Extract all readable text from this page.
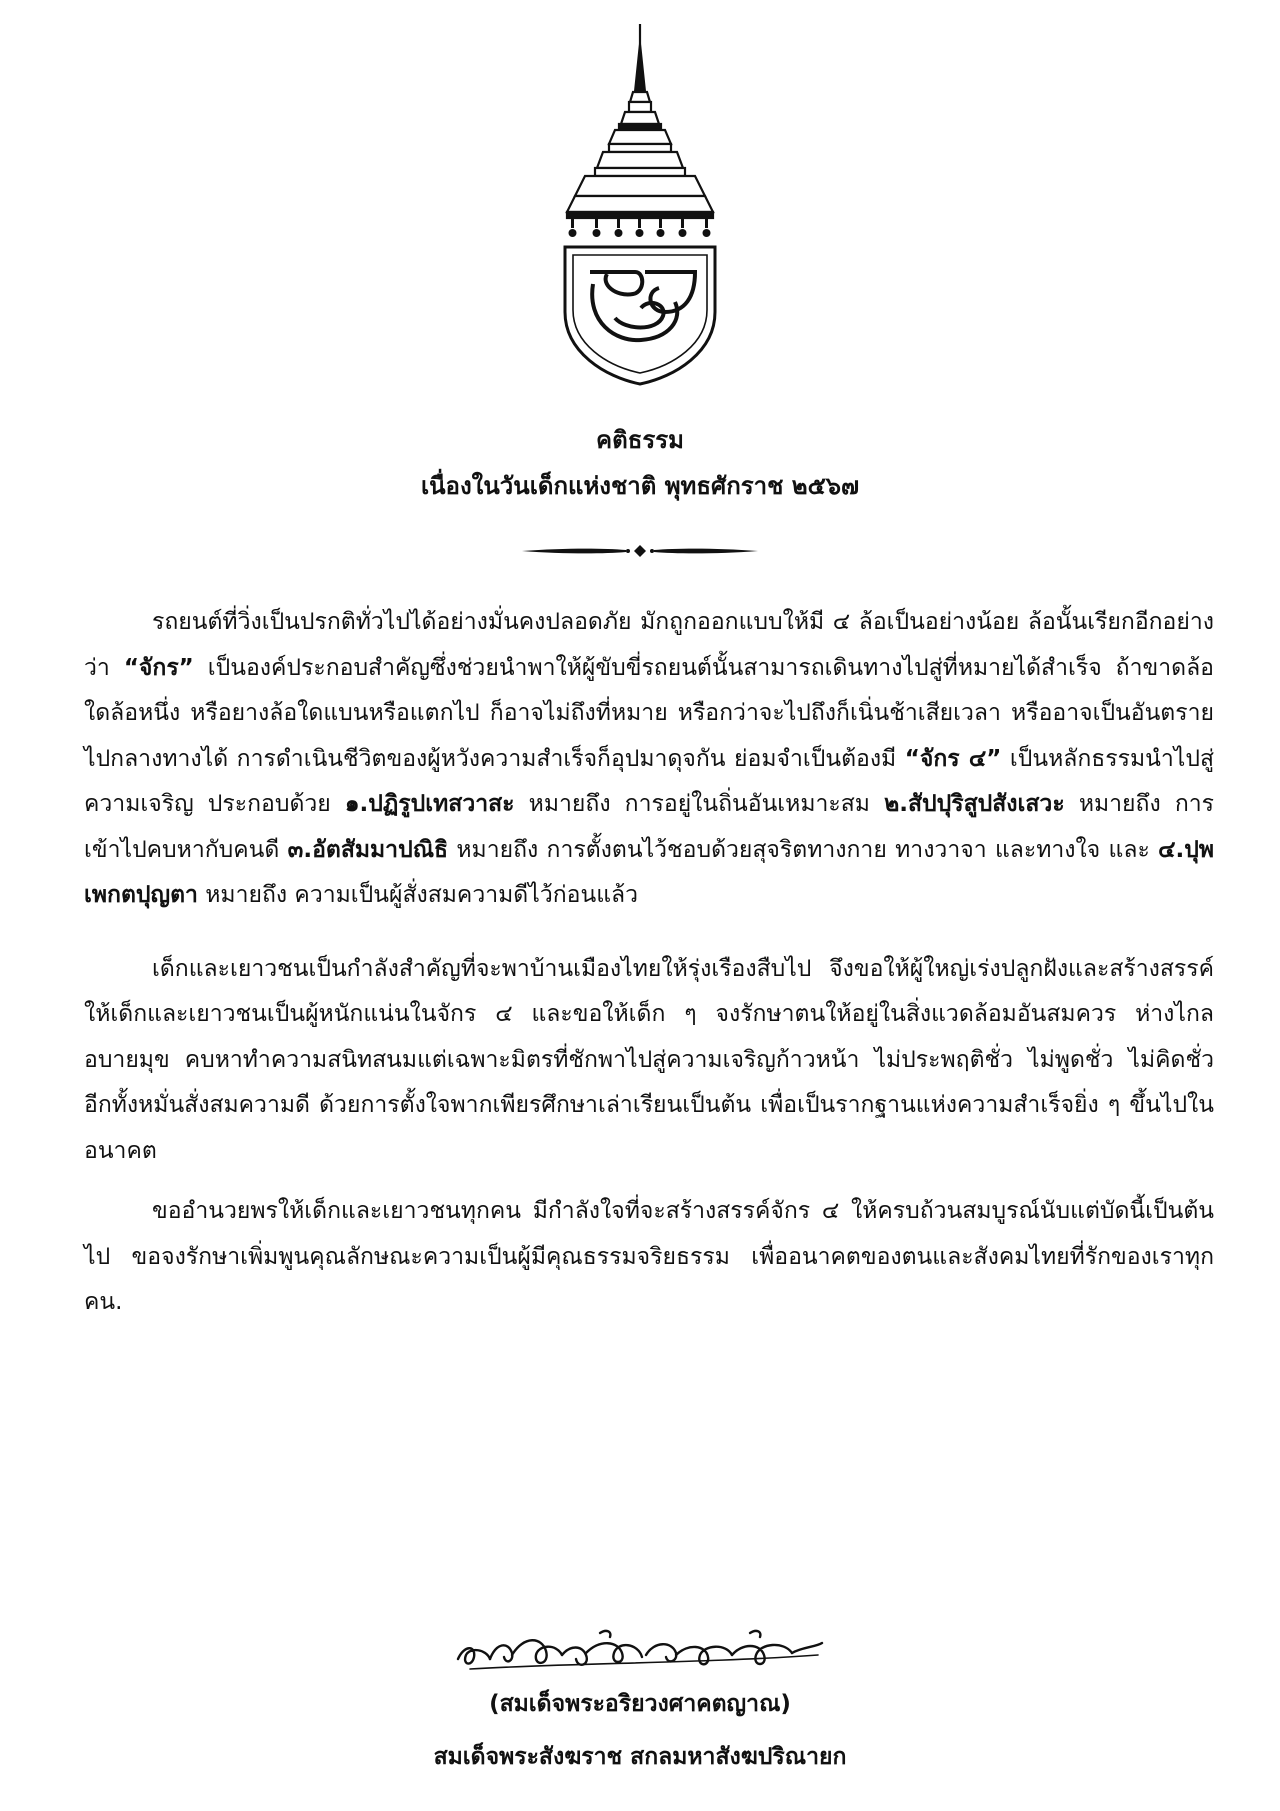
คติธรรม
เนื่องในวันเด็กแห่งชาติ พุทธศักราช ๒๕๖๗

รถยนต์ที่วิ่งเป็นปรกติทั่วไปได้อย่างมั่นคงปลอดภัย มักถูกออกแบบให้มี ๔ ล้อเป็นอย่างน้อย ล้อนั้นเรียกอีกอย่างว่า “จักร” เป็นองค์ประกอบสำคัญซึ่งช่วยนำพาให้ผู้ขับขี่รถยนต์นั้นสามารถเดินทางไปสู่ที่หมายได้สำเร็จ ถ้าขาดล้อใดล้อหนึ่ง หรือยางล้อใดแบนหรือแตกไป ก็อาจไม่ถึงที่หมาย หรือกว่าจะไปถึงก็เนิ่นช้าเสียเวลา หรืออาจเป็นอันตรายไปกลางทางได้ การดำเนินชีวิตของผู้หวังความสำเร็จก็อุปมาดุจกัน ย่อมจำเป็นต้องมี “จักร ๔” เป็นหลักธรรมนำไปสู่ความเจริญ ประกอบด้วย ๑.ปฏิรูปเทสวาสะ หมายถึง การอยู่ในถิ่นอันเหมาะสม ๒.สัปปุริสูปสังเสวะ หมายถึง การเข้าไปคบหากับคนดี ๓.อัตสัมมาปณิธิ หมายถึง การตั้งตนไว้ชอบด้วยสุจริตทางกาย ทางวาจา และทางใจ และ ๔.ปุพเพกตปุญตา หมายถึง ความเป็นผู้สั่งสมความดีไว้ก่อนแล้ว

เด็กและเยาวชนเป็นกำลังสำคัญที่จะพาบ้านเมืองไทยให้รุ่งเรืองสืบไป จึงขอให้ผู้ใหญ่เร่งปลูกฝังและสร้างสรรค์ให้เด็กและเยาวชนเป็นผู้หนักแน่นในจักร ๔ และขอให้เด็ก ๆ จงรักษาตนให้อยู่ในสิ่งแวดล้อมอันสมควร ห่างไกลอบายมุข คบหาทำความสนิทสนมแต่เฉพาะมิตรที่ชักพาไปสู่ความเจริญก้าวหน้า ไม่ประพฤติชั่ว ไม่พูดชั่ว ไม่คิดชั่ว อีกทั้งหมั่นสั่งสมความดี ด้วยการตั้งใจพากเพียรศึกษาเล่าเรียนเป็นต้น เพื่อเป็นรากฐานแห่งความสำเร็จยิ่ง ๆ ขึ้นไปในอนาคต

ขออำนวยพรให้เด็กและเยาวชนทุกคน มีกำลังใจที่จะสร้างสรรค์จักร ๔ ให้ครบถ้วนสมบูรณ์นับแต่บัดนี้เป็นต้นไป ขอจงรักษาเพิ่มพูนคุณลักษณะความเป็นผู้มีคุณธรรมจริยธรรม เพื่ออนาคตของตนและสังคมไทยที่รักของเราทุกคน.

(สมเด็จพระอริยวงศาคตญาณ)
สมเด็จพระสังฆราช สกลมหาสังฆปริณายก
